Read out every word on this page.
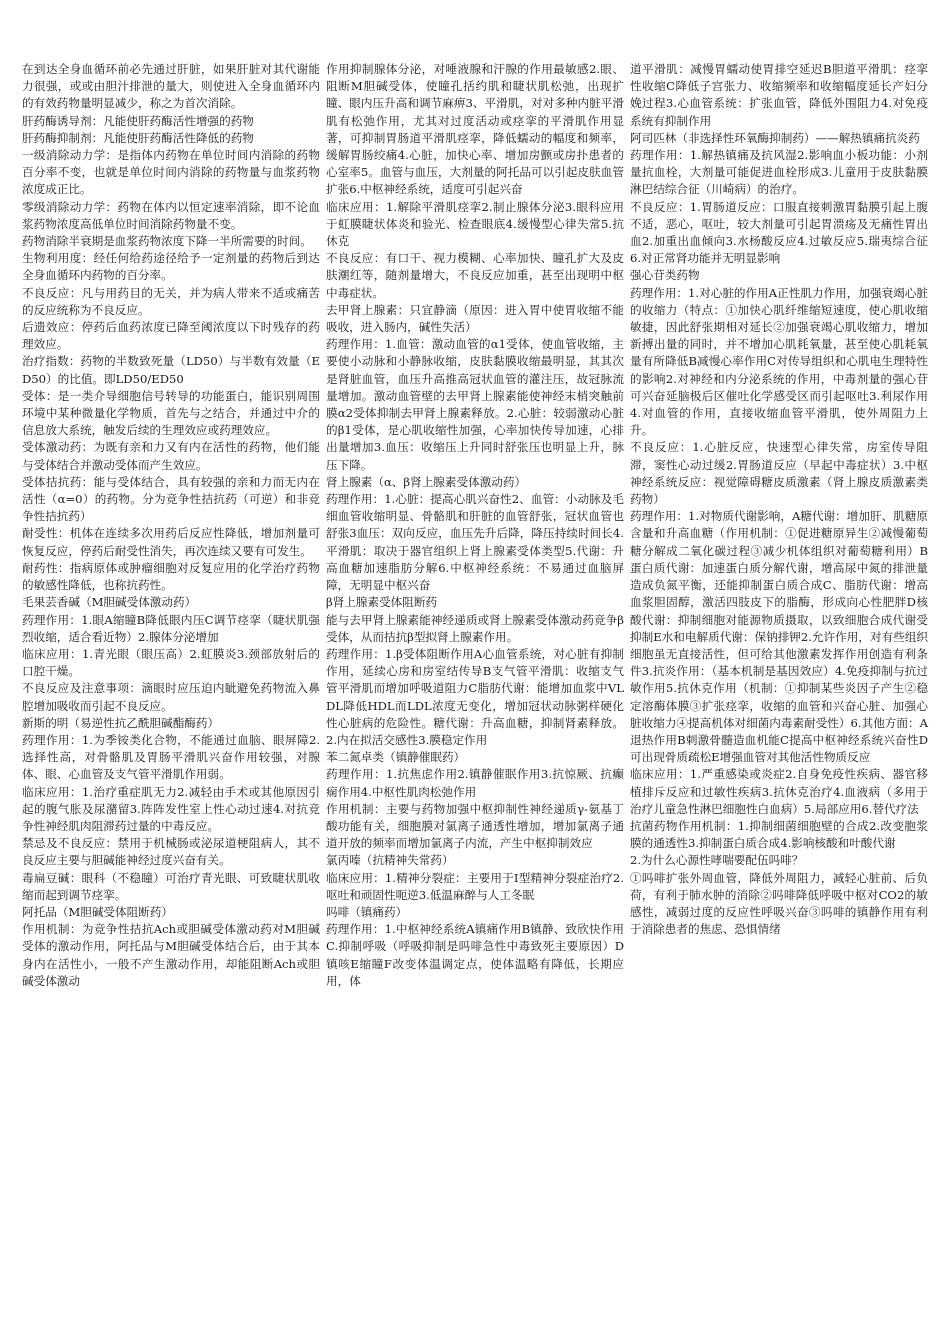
在到达全身血循环前必先通过肝脏，如果肝脏对其代谢能力很强，或或由胆汁排泄的量大，则使进入全身血循环内的有效药物量明显减少，称之为首次消除。

肝药酶诱导剂：凡能使肝药酶活性增强的药物

肝药酶抑制剂：凡能使肝药酶活性降低的药物

一级消除动力学：是指体内药物在单位时间内消除的药物百分率不变，也就是单位时间内消除的药物量与血浆药物浓度成正比。

零级消除动力学：药物在体内以恒定速率消除，即不论血浆药物浓度高低单位时间消除药物量不变。

药物消除半衰期是血浆药物浓度下降一半所需要的时间。

生物利用度：经任何给药途径给予一定剂量的药物后到达全身血循环内药物的百分率。

不良反应：凡与用药目的无关，并为病人带来不适或痛苦的反应统称为不良反应。

后遗效应：停药后血药浓度已降至阈浓度以下时残存的药理效应。

治疗指数：药物的半数致死量（LD50）与半数有效量（ED50）的比值。即LD50/ED50

受体：是一类介导细胞信号转导的功能蛋白，能识别周围环境中某种微量化学物质，首先与之结合，并通过中介的信息放大系统，触发后续的生理效应或药理效应。

受体激动药：为既有亲和力又有内在活性的药物，他们能与受体结合并激动受体而产生效应。

受体拮抗药：能与受体结合，具有较强的亲和力而无内在活性（α=0）的药物。分为竞争性拮抗药（可逆）和非竞争性拮抗药）

耐受性：机体在连续多次用药后反应性降低，增加剂量可恢复反应，停药后耐受性消失，再次连续又要有可发生。

耐药性：指病原体或肿瘤细胞对反复应用的化学治疗药物的敏感性降低，也称抗药性。

毛果芸香碱（M胆碱受体激动药）

药理作用：1.眼A缩瞳B降低眼内压C调节痉挛（睫状肌强烈收缩，适合看近物）2.腺体分泌增加

临床应用：1.青光眼（眼压高）2.虹膜炎3.颈部放射后的口腔干燥。

不良反应及注意事项：滴眼时应压迫内眦避免药物流入鼻腔增加吸收而引起不良反应。

新斯的明（易逆性抗乙酰胆碱酯酶药）

药理作用：1.为季铵类化合物，不能通过血脑、眼屏障2.选择性高，对骨骼肌及胃肠平滑肌兴奋作用较强，对腺体、眼、心血管及支气管平滑肌作用弱。

临床应用：1.治疗重症肌无力2.减轻由手术或其他原因引起的腹气胀及尿潴留3.阵阵发性室上性心动过速4.对抗竞争性神经肌肉阻滞药过量的中毒反应。

禁忌及不良反应：禁用于机械肠或泌尿道梗阻病人，其不良反应主要与胆碱能神经过度兴奋有关。

毒扁豆碱：眼科（不稳瞳）可治疗青光眼、可致睫状肌收缩而起到调节痉挛。

阿托品（M胆碱受体阻断药）

作用机制：为竞争性拮抗Ach或胆碱受体激动药对M胆碱受体的激动作用，阿托品与M胆碱受体结合后，由于其本身内在活性小，一般不产生激动作用，却能阻断Ach或胆碱受体激动

作用抑制腺体分泌，对唾液腺和汗腺的作用最敏感2.眼、阻断M胆碱受体，使瞳孔括约肌和睫状肌松弛，出现扩瞳、眼内压升高和调节麻痹3、平滑肌，对对多种内脏平滑肌有松弛作用，尤其对过度活动或痉挛的平滑肌作用显著，可抑制胃肠道平滑肌痉挛，降低蠕动的幅度和频率，缓解胃肠绞痛4.心脏，加快心率、增加房颤或房扑患者的心室率5。血管与血压，大剂量的阿托品可以引起皮肤血管扩张6.中枢神经系统，适度可引起兴奋

临床应用：1.解除平滑肌痉挛2.制止腺体分泌3.眼科应用于虹膜睫状体炎和验光、检查眼底4.缓慢型心律失常5.抗休克

不良反应：有口干、视力模糊、心率加快、瞳孔扩大及皮肤潮红等，随剂量增大，不良反应加重，甚至出现明中枢中毒症状。

去甲肾上腺素：只宜静滴（原因：进入胃中使胃收缩不能吸收，进入肠内，碱性失活）

药理作用：1.血管：激动血管的α1受体，使血管收缩，主要使小动脉和小静脉收缩，皮肤黏膜收缩最明显，其其次是肾脏血管，血压升高推高冠状血管的灌注压，故冠脉流量增加。激动血管壁的去甲肾上腺素能使神经末梢突触前膜α2受体抑制去甲肾上腺素释放。2.心脏：较弱激动心脏的β1受体，是心肌收缩性加强，心率加快传导加速，心排出量增加3.血压：收缩压上升同时舒张压也明显上升，脉压下降。

肾上腺素（α、β肾上腺素受体激动药）

药理作用：1.心脏：提高心肌兴奋性2、血管：小动脉及毛细血管收缩明显、骨骼肌和肝脏的血管舒张，冠状血管也舒张3血压：双向反应，血压先升后降，降压持续时间长4.平滑肌：取决于器官组织上肾上腺素受体类型5.代谢：升高血糖加速脂肪分解6.中枢神经系统：不易通过血脑屏障，无明显中枢兴奋

β肾上腺素受体阻断药

能与去甲肾上腺素能神经递质或肾上腺素受体激动药竞争β受体，从而拮抗β型拟肾上腺素作用。

药理作用：1.β受体阻断作用A心血管系统，对心脏有抑制作用，延续心房和房室结传导B支气管平滑肌：收缩支气管平滑肌而增加呼吸道阻力C脂肪代谢：能增加血浆中VLDL降低HDL而LDL浓度无变化，增加冠状动脉粥样硬化性心脏病的危险性。糖代谢：升高血糖，抑制肾素释放。2.内在拟活交感性3.膜稳定作用

苯二氮卓类（镇静催眠药）

药理作用：1.抗焦虑作用2.镇静催眠作用3.抗惊厥、抗癫痫作用4.中枢性肌肉松弛作用

作用机制：主要与药物加强中枢抑制性神经递质γ-氨基丁酸功能有关，细胞膜对氯离子通透性增加，增加氯离子通道开放的频率而增加氯离子内流，产生中枢抑制效应

氯丙嗪（抗精神失常药）

临床应用：1.精神分裂症：主要用于Ⅰ型精神分裂症治疗2.呕吐和顽固性呃逆3.低温麻醉与人工冬眠

吗啡（镇痛药）

药理作用：1.中枢神经系统A镇痛作用B镇静、致欣快作用C.抑制呼吸（呼吸抑制是吗啡急性中毒致死主要原因）D镇咳E缩瞳F改变体温调定点，使体温略有降低，长期应用，体

道平滑肌：减慢胃蠕动使胃排空延迟B胆道平滑肌：痉挛性收缩C降低子宫张力、收缩频率和收缩幅度延长产妇分娩过程3.心血管系统：扩张血管，降低外围阻力4.对免疫系统有抑制作用

阿司匹林（非选择性环氧酶抑制药）——解热镇痛抗炎药

药理作用：1.解热镇痛及抗风湿2.影响血小板功能：小剂量抗血栓，大剂量可能促进血栓形成3.儿童用于皮肤黏膜淋巴结综合征（川崎病）的治疗。

不良反应：1.胃肠道反应：口服直接刺激胃黏膜引起上腹不适，恶心，呕吐，较大剂量可引起胃溃疡及无痛性胃出血2.加重出血倾向3.水杨酸反应4.过敏反应5.瑞夷综合征6.对正常肾功能并无明显影响

强心苷类药物

药理作用：1.对心脏的作用A正性肌力作用，加强衰竭心脏的收缩力（特点：①加快心肌纤维缩短速度，使心肌收缩敏捷，因此舒张期相对延长②加强衰竭心肌收缩力，增加新搏出量的同时，并不增加心肌耗氧量，甚至使心肌耗氧量有所降低B减慢心率作用C对传导组织和心肌电生理特性的影响2.对神经和内分泌系统的作用，中毒剂量的强心苷可兴奋延脑极后区催吐化学感受区而引起呕吐3.利尿作用4.对血管的作用，直接收缩血管平滑肌，使外周阻力上升。

不良反应：1.心脏反应，快速型心律失常，房室传导阻滞，窦性心动过缓2.胃肠道反应（早起中毒症状）3.中枢神经系统反应：视觉障碍糖皮质激素（肾上腺皮质激素类药物）

药理作用：1.对物质代谢影响，A糖代谢：增加肝、肌糖原含量和升高血糖（作用机制：①促进糖原异生②减慢葡萄糖分解成二氧化碳过程③减少机体组织对葡萄糖利用）B蛋白质代谢：加速蛋白质分解代谢，增高尿中氮的排泄量造成负氮平衡，还能抑制蛋白质合成C、脂肪代谢：增高血浆胆固醇，激活四肢皮下的脂酶，形成向心性肥胖D核酸代谢：抑制细胞对能源物质摄取，以致细胞合成代谢受抑制E水和电解质代谢：保钠排钾2.允许作用，对有些组织细胞虽无直接活性，但可给其他激素发挥作用创造有利条件3.抗炎作用：（基本机制是基因效应）4.免疫抑制与抗过敏作用5.抗休克作用（机制：①抑制某些炎因子产生②稳定溶酶体膜③扩张痉挛，收缩的血管和兴奋心脏、加强心脏收缩力④提高机体对细菌内毒素耐受性）6.其他方面：A退热作用B刺激骨髓造血机能C提高中枢神经系统兴奋性D可出现骨质疏松E增强血管对其他活性物质反应

临床应用：1.严重感染或炎症2.自身免疫性疾病、器官移植排斥反应和过敏性疾病3.抗休克治疗4.血液病（多用于治疗儿童急性淋巴细胞性白血病）5.局部应用6.替代疗法

抗菌药物作用机制：1.抑制细菌细胞壁的合成2.改变胞浆膜的通透性3.抑制蛋白质合成4.影响核酸和叶酸代谢

2.为什么心源性哮喘要配伍吗啡？

①吗啡扩张外周血管，降低外周阻力，减轻心脏前、后负荷，有利于肺水肿的消除②吗啡降低呼吸中枢对CO2的敏感性，减弱过度的反应性呼吸兴奋③吗啡的镇静作用有利于消除患者的焦虑、恐惧情绪
